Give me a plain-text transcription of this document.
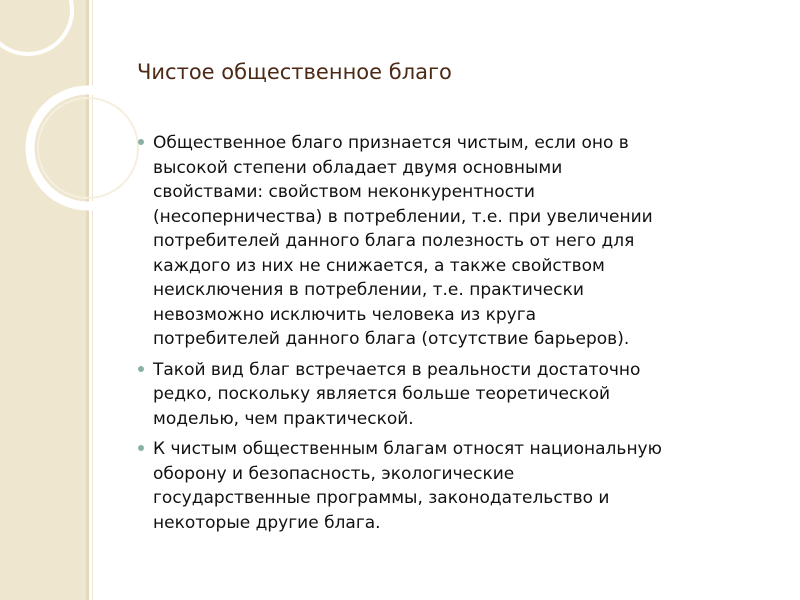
Чистое общественное благо
Общественное благо признается чистым, если оно в
высокой степени обладает двумя основными
свойствами: свойством неконкурентности
(несоперничества) в потреблении, т.е. при увеличении
потребителей данного блага полезность от него для
каждого из них не снижается, а также свойством
неисключения в потреблении, т.е. практически
невозможно исключить человека из круга
потребителей данного блага (отсутствие барьеров).
Такой вид благ встречается в реальности достаточно
редко, поскольку является больше теоретической
моделью, чем практической.
К чистым общественным благам относят национальную
оборону и безопасность, экологические
государственные программы, законодательство и
некоторые другие блага.
